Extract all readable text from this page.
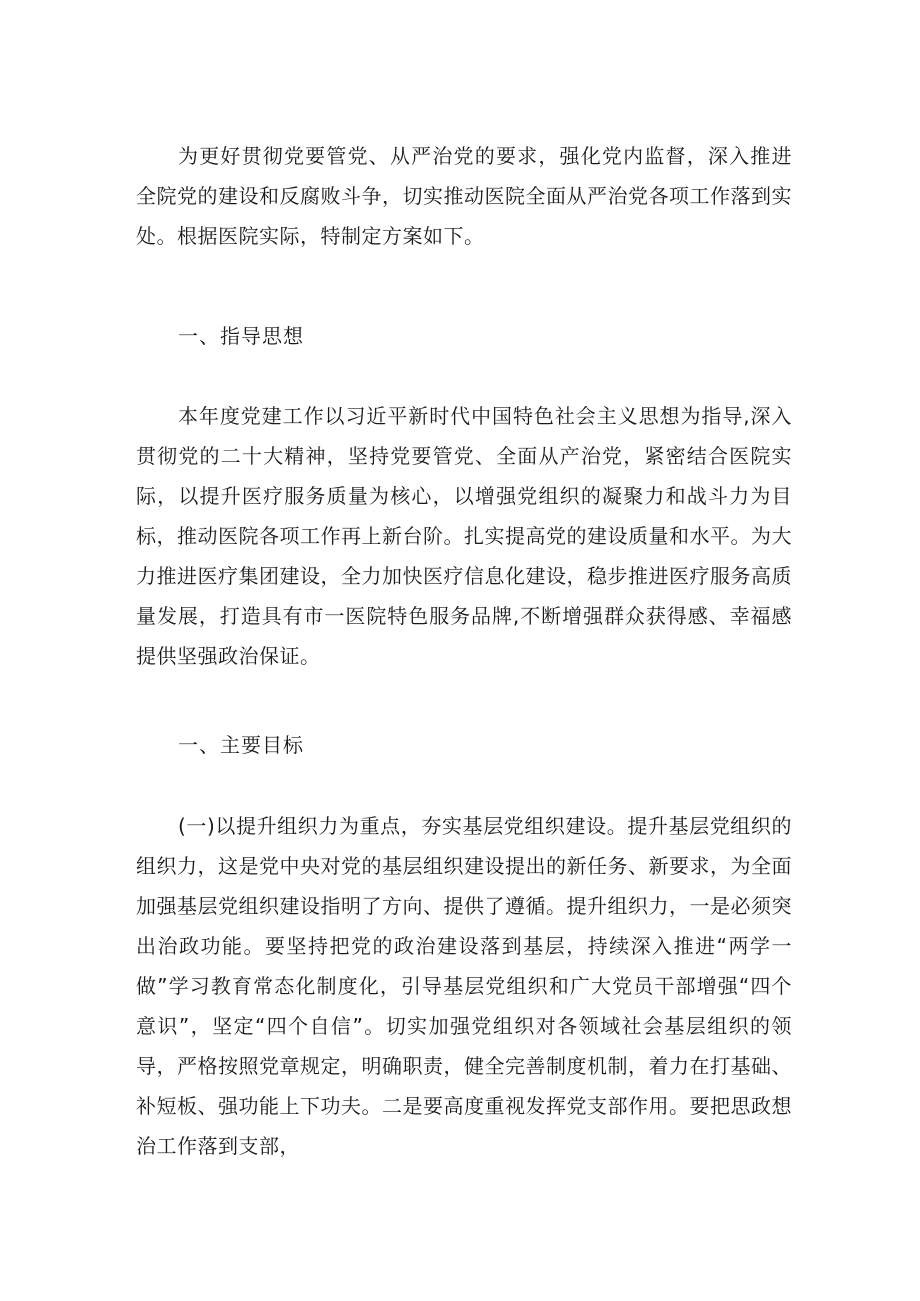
为更好贯彻党要管党、从严治党的要求，强化党内监督，深入推进全院党的建设和反腐败斗争，切实推动医院全面从严治党各项工作落到实处。根据医院实际，特制定方案如下。

一、指导思想

本年度党建工作以习近平新时代中国特色社会主义思想为指导,深入贯彻党的二十大精神，坚持党要管党、全面从产治党，紧密结合医院实际，以提升医疗服务质量为核心，以增强党组织的凝聚力和战斗力为目标，推动医院各项工作再上新台阶。扎实提高党的建设质量和水平。为大力推进医疗集团建设，全力加快医疗信息化建设，稳步推进医疗服务高质量发展，打造具有市一医院特色服务品牌,不断增强群众获得感、幸福感提供坚强政治保证。

一、主要目标

(一)以提升组织力为重点，夯实基层党组织建设。提升基层党组织的组织力，这是党中央对党的基层组织建设提出的新任务、新要求，为全面加强基层党组织建设指明了方向、提供了遵循。提升组织力，一是必须突出治政功能。要坚持把党的政治建设落到基层，持续深入推进“两学一做”学习教育常态化制度化，引导基层党组织和广大党员干部增强“四个意识”，坚定“四个自信”。切实加强党组织对各领域社会基层组织的领导，严格按照党章规定，明确职责，健全完善制度机制，着力在打基础、补短板、强功能上下功夫。二是要高度重视发挥党支部作用。要把思政想治工作落到支部，
